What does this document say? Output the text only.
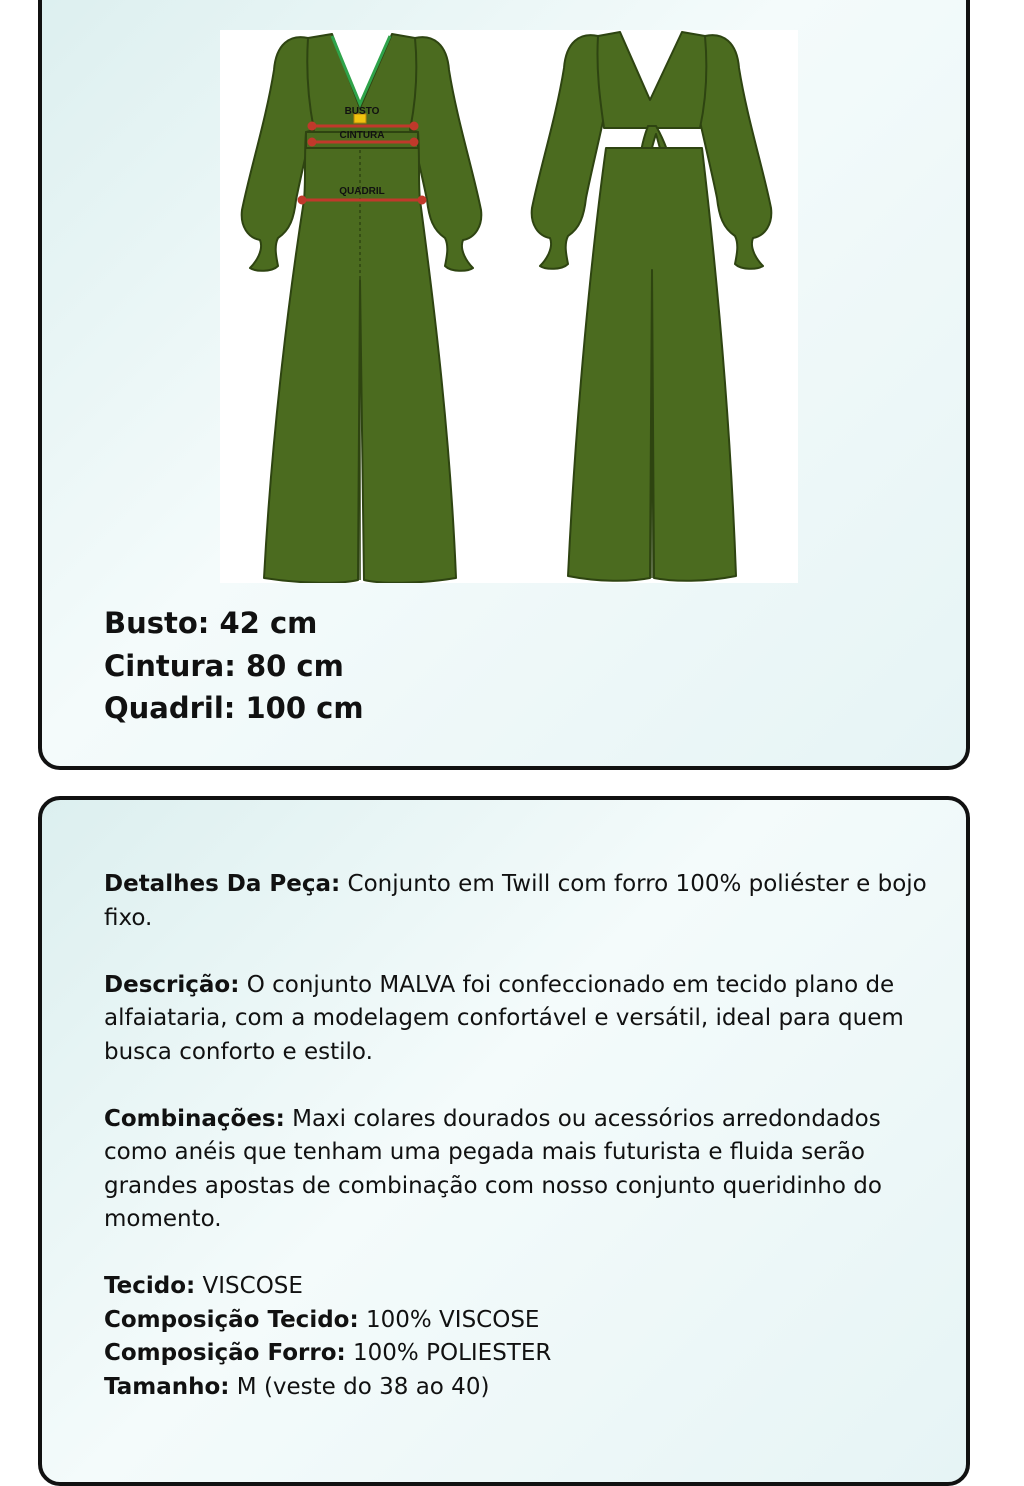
BUSTO
CINTURA
QUADRIL
Busto: 42 cm
Cintura: 80 cm
Quadril: 100 cm

Detalhes Da Peça: Conjunto em Twill com forro 100% poliéster e bojo fixo.

Descrição: O conjunto MALVA foi confeccionado em tecido plano de alfaiataria, com a modelagem confortável e versátil, ideal para quem busca conforto e estilo.

Combinações: Maxi colares dourados ou acessórios arredondados como anéis que tenham uma pegada mais futurista e fluida serão grandes apostas de combinação com nosso conjunto queridinho do momento.

Tecido: VISCOSE

Composição Tecido: 100% VISCOSE

Composição Forro: 100% POLIESTER

Tamanho: M (veste do 38 ao 40)
